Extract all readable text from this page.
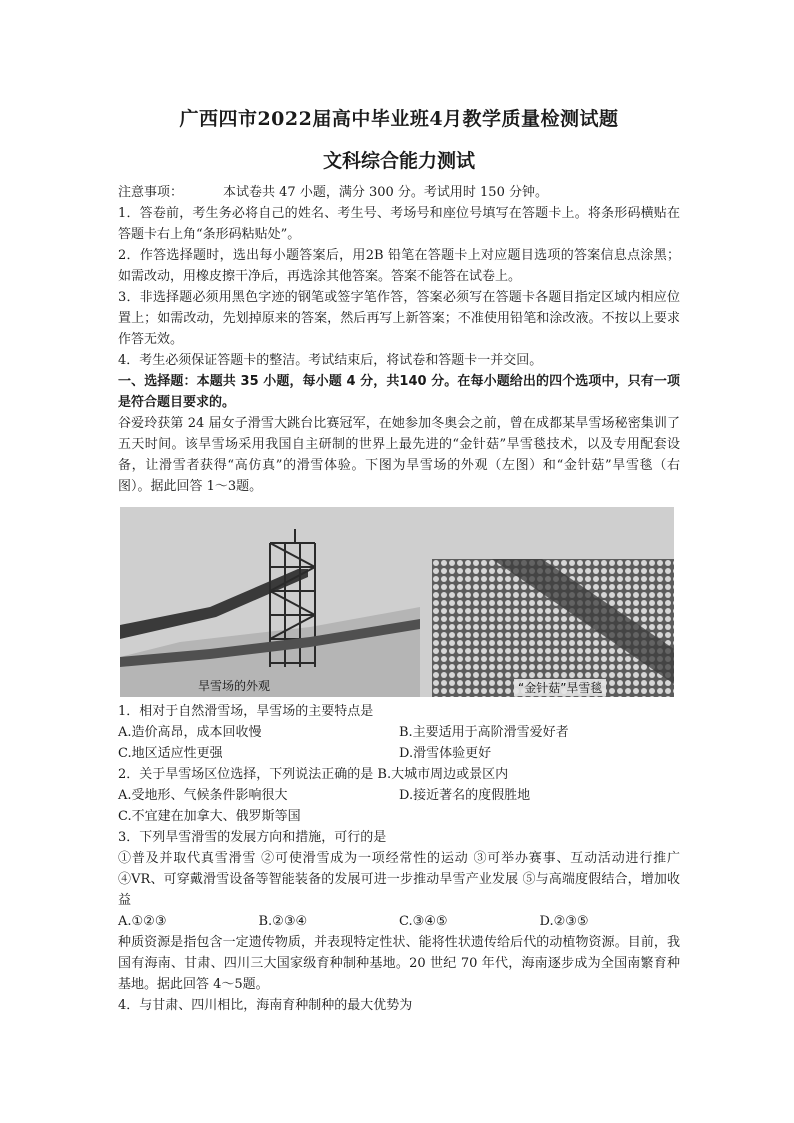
广西四市2022届高中毕业班4月教学质量检测试题
文科综合能力测试
注意事项：	本试卷共 47 小题，满分 300 分。考试用时 150 分钟。
1．答卷前，考生务必将自己的姓名、考生号、考场号和座位号填写在答题卡上。将条形码横贴在答题卡右上角“条形码粘贴处”。
2．作答选择题时，选出每小题答案后，用2B 铅笔在答题卡上对应题目选项的答案信息点涂黑；如需改动，用橡皮擦干净后，再选涂其他答案。答案不能答在试卷上。
3．非选择题必须用黑色字迹的钢笔或签字笔作答，答案必须写在答题卡各题目指定区域内相应位置上；如需改动，先划掉原来的答案，然后再写上新答案；不准使用铅笔和涂改液。不按以上要求作答无效。
4．考生必须保证答题卡的整洁。考试结束后，将试卷和答题卡一并交回。
一、选择题：本题共 35 小题，每小题 4 分，共140 分。在每小题给出的四个选项中，只有一项是符合题目要求的。
谷爱玲获第 24 届女子滑雪大跳台比赛冠军，在她参加冬奥会之前，曾在成都某旱雪场秘密集训了五天时间。该旱雪场采用我国自主研制的世界上最先进的“金针菇”旱雪毯技术，以及专用配套设备，让滑雪者获得“高仿真”的滑雪体验。下图为旱雪场的外观（左图）和“金针菇”旱雪毯（右图）。据此回答 1～3题。
旱雪场的外观	“金针菇”旱雪毯
1．相对于自然滑雪场，旱雪场的主要特点是
A.造价高昂，成本回收慢	B.主要适用于高阶滑雪爱好者
C.地区适应性更强	D.滑雪体验更好
2．关于旱雪场区位选择，下列说法正确的是 B.大城市周边或景区内
A.受地形、气候条件影响很大	D.接近著名的度假胜地
C.不宜建在加拿大、俄罗斯等国
3．下列旱雪滑雪的发展方向和措施，可行的是
①普及并取代真雪滑雪 ②可使滑雪成为一项经常性的运动 ③可举办赛事、互动活动进行推广 ④VR、可穿戴滑雪设备等智能装备的发展可进一步推动旱雪产业发展 ⑤与高端度假结合，增加收益
A.①②③	B.②③④	C.③④⑤	D.②③⑤
种质资源是指包含一定遗传物质，并表现特定性状、能将性状遗传给后代的动植物资源。目前，我国有海南、甘肃、四川三大国家级育种制种基地。20 世纪 70 年代，海南逐步成为全国南繁育种基地。据此回答 4～5题。
4．与甘肃、四川相比，海南育种制种的最大优势为
